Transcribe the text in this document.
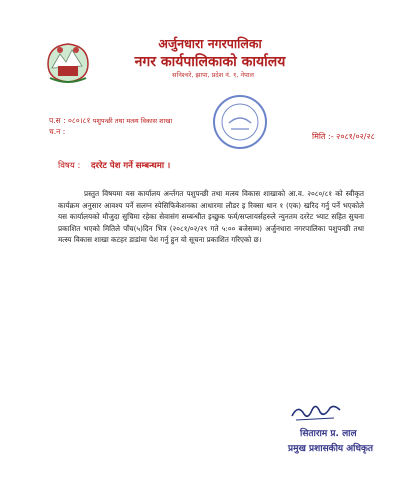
अर्जुनधारा नगरपालिका
नगर कार्यपालिकाको कार्यालय
सनिश्चरे, झापा, प्रदेश नं. १, नेपाल
प.स : ०८०।८१ पशुपन्छी तथा मत्स्य विकास शाखा
च.न :
मिति :- २०८१/०२/२८
विषय : दररेट पेश गर्ने सम्बन्धमा ।
प्रस्तुत विषयमा यस कार्यालय अर्न्तगत पशुपन्छी तथा मत्स्य विकास शाखाको आ.व. २०८०/८१ को स्वीकृत कार्यक्रम अनुसार आवश्य पर्ने सलग्न स्पेसिफिकेशनका आधारमा लौडर इ रिक्सा थान १ (एक) खरिद गर्नु पर्ने भएकोले यस कार्यालयको मौजुदा सुचिमा रहेका सेवासंग सम्बन्धीत इच्छुक फर्म/सप्लायर्सहरुले न्युनतम दररेट भ्याट सहित सुचना प्रकाशित भएको मितिले पाँच(५)दिन भित्र (२०८१/०२/२९ गते ५:०० बजेसम्म) अर्जुनधारा नगरपालिका पशुपन्छी तथा मत्स्य विकास शाखा कटहर डाडांमा पेश गर्नु हुन यो सूचना प्रकाशित गरिएको छ।
सिताराम प्र. लाल
प्रमुख प्रशासकीय अधिकृत
